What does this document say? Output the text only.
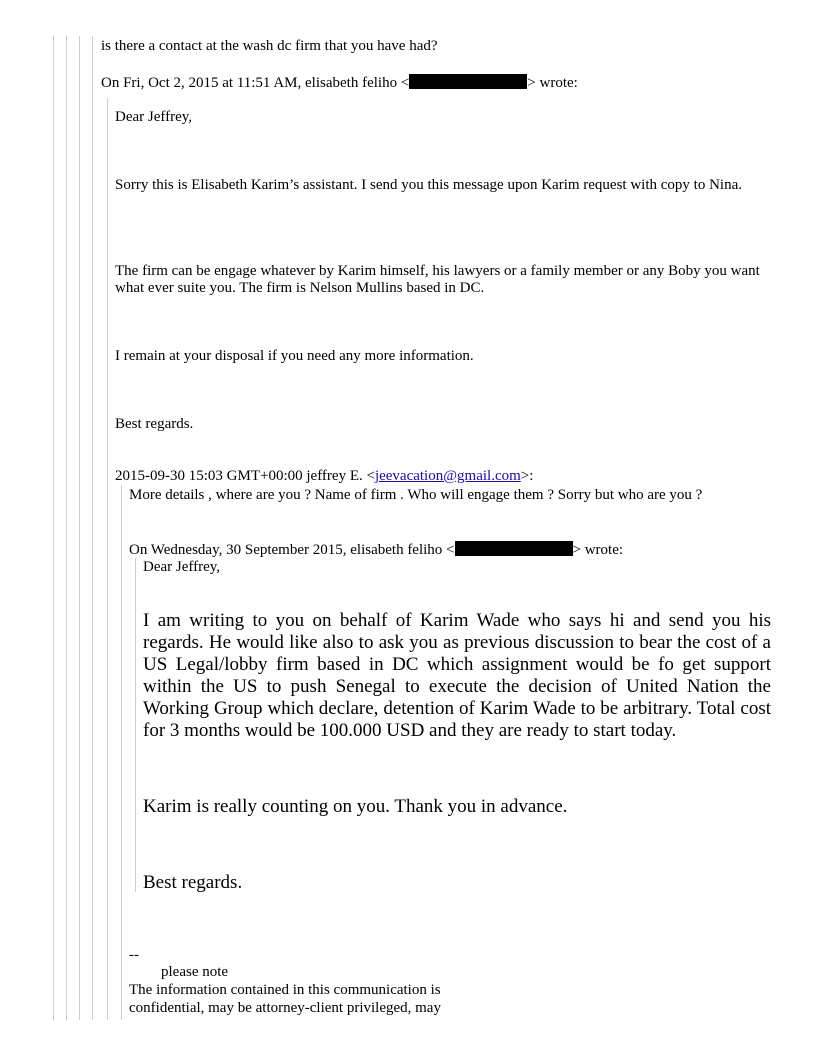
is there a contact at the wash dc firm that you have had?
On Fri, Oct 2, 2015 at 11:51 AM, elisabeth feliho <	> wrote:
Dear Jeffrey,
Sorry this is Elisabeth Karim’s assistant. I send you this message upon Karim request with copy to Nina.
The firm can be engage whatever by Karim himself, his lawyers or a family member or any Boby you want what ever suite you. The firm is Nelson Mullins based in DC.
I remain at your disposal if you need any more information.
Best regards.
2015-09-30 15:03 GMT+00:00 jeffrey E. <jeevacation@gmail.com>:
More details , where are you ? Name of firm . Who will engage them ? Sorry but who are you ?
On Wednesday, 30 September 2015, elisabeth feliho <	> wrote:
Dear Jeffrey,
I am writing to you on behalf of Karim Wade who says hi and send you his regards. He would like also to ask you as previous discussion to bear the cost of a US Legal/lobby firm based in DC which assignment would be fo get support within the US to push Senegal to execute the decision of United Nation the Working Group which declare, detention of Karim Wade to be arbitrary. Total cost for 3 months would be 100.000 USD and they are ready to start today.
Karim is really counting on you. Thank you in advance.
Best regards.
--
please note
The information contained in this communication is
confidential, may be attorney-client privileged, may
